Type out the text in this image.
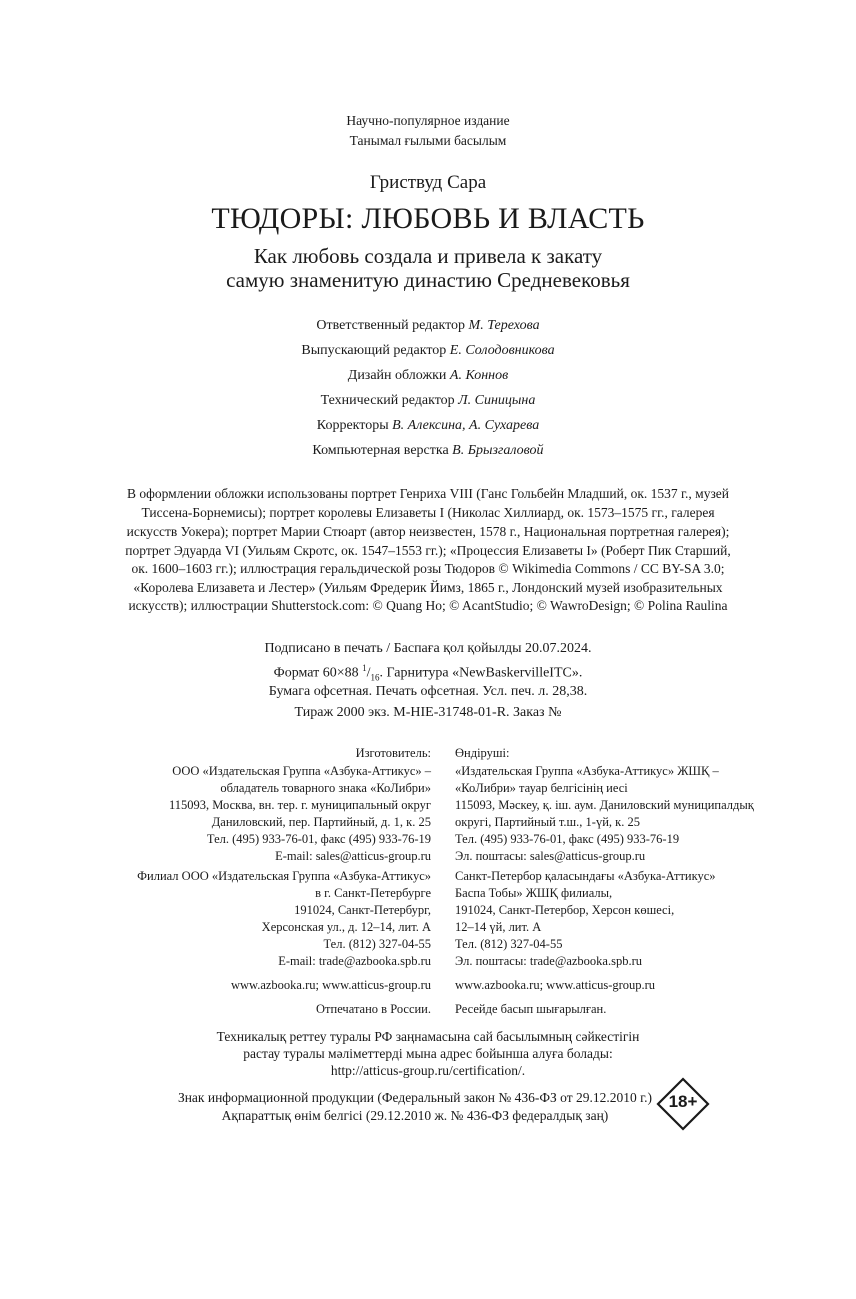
Научно-популярное издание
Танымал ғылыми басылым
Гриствуд Сара
ТЮДОРЫ: ЛЮБОВЬ И ВЛАСТЬ
Как любовь создала и привела к закату
самую знаменитую династию Средневековья
Ответственный редактор М. Терехова
Выпускающий редактор Е. Солодовникова
Дизайн обложки А. Коннов
Технический редактор Л. Синицына
Корректоры В. Алексина, А. Сухарева
Компьютерная верстка В. Брызгаловой
В оформлении обложки использованы портрет Генриха VIII (Ганс Гольбейн Младший, ок. 1537 г., музей
Тиссена-Борнемисы); портрет королевы Елизаветы I (Николас Хиллиард, ок. 1573–1575 гг., галерея
искусств Уокера); портрет Марии Стюарт (автор неизвестен, 1578 г., Национальная портретная галерея);
портрет Эдуарда VI (Уильям Скротс, ок. 1547–1553 гг.); «Процессия Елизаветы I» (Роберт Пик Старший,
ок. 1600–1603 гг.); иллюстрация геральдической розы Тюдоров © Wikimedia Commons / CC BY-SA 3.0;
«Королева Елизавета и Лестер» (Уильям Фредерик Йимз, 1865 г., Лондонский музей изобразительных
искусств); иллюстрации Shutterstock.com: © Quang Ho; © AcantStudio; © WawroDesign; © Polina Raulina
Подписано в печать / Баспаға қол қойылды 20.07.2024.
Формат 60×88 $^1/_{16}$. Гарнитура «NewBaskervilleITC».
Бумага офсетная. Печать офсетная. Усл. печ. л. 28,38.
Тираж 2000 экз. М-HIE-31748-01-R. Заказ №
Изготовитель:
ООО «Издательская Группа «Азбука-Аттикус» –
обладатель товарного знака «КоЛибри»
115093, Москва, вн. тер. г. муниципальный округ
Даниловский, пер. Партийный, д. 1, к. 25
Тел. (495) 933-76-01, факс (495) 933-76-19
E-mail: sales@atticus-group.ru
Филиал ООО «Издательская Группа «Азбука-Аттикус»
в г. Санкт-Петербурге
191024, Санкт-Петербург,
Херсонская ул., д. 12–14, лит. А
Тел. (812) 327-04-55
E-mail: trade@azbooka.spb.ru
www.azbooka.ru; www.atticus-group.ru
Отпечатано в России.
Өндіруші:
«Издательская Группа «Азбука-Аттикус» ЖШҚ –
«КоЛибри» тауар белгісінің иесі
115093, Мәскеу, қ. іш. аум. Даниловский муниципалдық
округі, Партийный т.ш., 1-үй, к. 25
Тел. (495) 933-76-01, факс (495) 933-76-19
Эл. поштасы: sales@atticus-group.ru
Санкт-Петербор қаласындағы «Азбука-Аттикус»
Баспа Тобы» ЖШҚ филиалы,
191024, Санкт-Петербор, Херсон көшесі,
12–14 үй, лит. А
Тел. (812) 327-04-55
Эл. поштасы: trade@azbooka.spb.ru
www.azbooka.ru; www.atticus-group.ru
Ресейде басып шығарылған.
Техникалық реттеу туралы РФ заңнамасына сай басылымның сәйкестігін
растау туралы мәліметтерді мына адрес бойынша алуға болады:
http://atticus-group.ru/certification/.
Знак информационной продукции (Федеральный закон № 436-ФЗ от 29.12.2010 г.)
Ақпараттық өнім белгісі (29.12.2010 ж. № 436-ФЗ федералдық заң)
18+
